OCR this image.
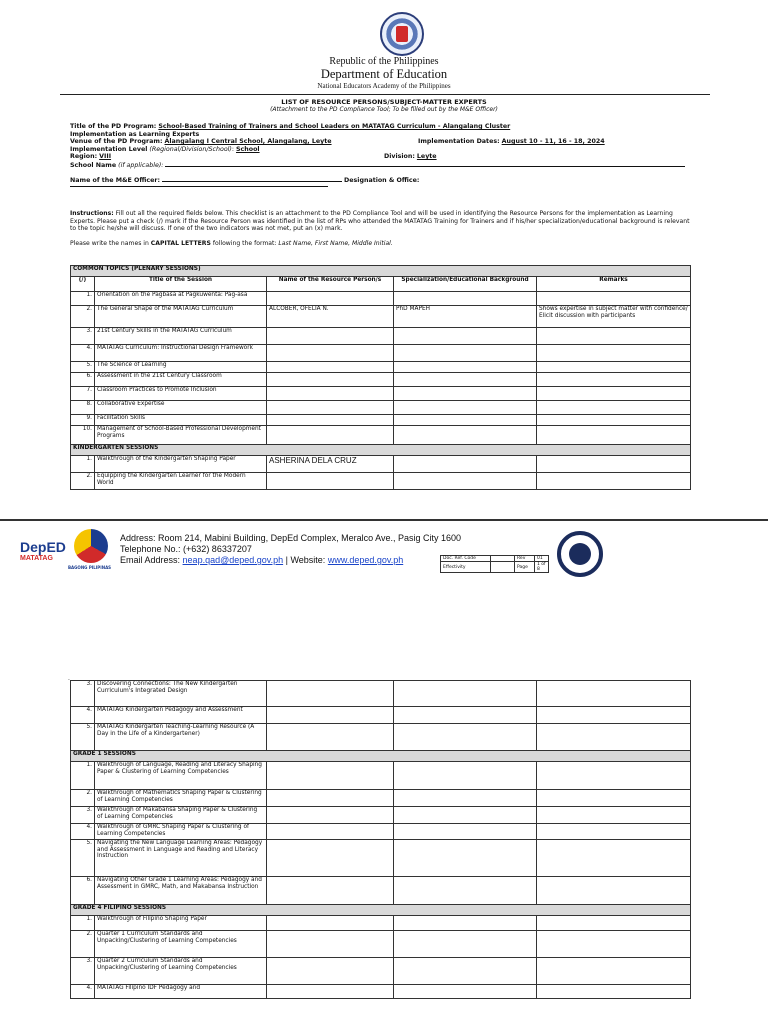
Republic of the Philippines
Department of Education
National Educators Academy of the Philippines
LIST OF RESOURCE PERSONS/SUBJECT-MATTER EXPERTS
(Attachment to the PD Compliance Tool; To be filled out by the M&E Officer)
Title of the PD Program: School-Based Training of Trainers and School Leaders on MATATAG Curriculum - Alangalang Cluster
Implementation as Learning Experts

Venue of the PD Program: Alangalang I Central School, Alangalang, Leyte	Implementation Dates: August 10 - 11, 16 - 18, 2024
Implementation Level (Regional/Division/School): School
Region: VIII	Division: Leyte
School Name (if applicable):
Name of the M&E Officer:	Designation & Office:
Instructions: Fill out all the required fields below. This checklist is an attachment to the PD Compliance Tool and will be used in identifying the Resource Persons for the implementation as Learning Experts. Please put a check (/) mark if the Resource Person was identified in the list of RPs who attended the MATATAG Training for Trainers and if his/her specialization/educational background is relevant to the topic he/she will discuss. If one of the two indicators was not met, put an (x) mark.
Please write the names in CAPITAL LETTERS following the format: Last Name, First Name, Middle Initial.
COMMON TOPICS (PLENARY SESSIONS)				
(/)	Title of the Session	Name of the Resource Person/s	Specialization/Educational Background	Remarks
1.	Orientation on the Pagbasa at Pagkuwenta: Pag-asa			
2.	The General Shape of the MATATAG Curriculum	ALCOBER, OFELIA N.	PhD MAPEH	Shows expertise in subject matter with confidence/ Elicit discussion with participants
3.	21st Century Skills in the MATATAG Curriculum			
4.	MATATAG Curriculum: Instructional Design Framework			
5.	The Science of Learning			
6.	Assessment in the 21st Century Classroom			
7.	Classroom Practices to Promote Inclusion			
8.	Collaborative Expertise			
9.	Facilitation Skills			
10.	Management of School-Based Professional Development Programs			
KINDERGARTEN SESSIONS				
1.	Walkthrough of the Kindergarten Shaping Paper	ASHERINA DELA CRUZ		
2.	Equipping the Kindergarten Learner for the Modern World			
DepED
MATATAG
BAGONG PILIPINAS
Address: Room 214, Mabini Building, DepEd Complex, Meralco Ave., Pasig City 1600
Telephone No.: (+632) 86337207
Email Address: neap.qad@deped.gov.ph | Website: www.deped.gov.ph	Doc. Ref. Code		Rev	01
Effectivity		Page	1 of 8
.
3.	Discovering Connections: The New Kindergarten Curriculum's Integrated Design			
4.	MATATAG Kindergarten Pedagogy and Assessment			
5.	MATATAG Kindergarten Teaching-Learning Resource (A Day in the Life of a Kindergartener)			
GRADE 1 SESSIONS				
1.	Walkthrough of Language, Reading and Literacy Shaping Paper & Clustering of Learning Competencies			
2.	Walkthrough of Mathematics Shaping Paper & Clustering of Learning Competencies			
3.	Walkthrough of Makabansa Shaping Paper & Clustering of Learning Competencies			
4.	Walkthrough of GMRC Shaping Paper & Clustering of Learning Competencies			
5.	Navigating the New Language Learning Areas: Pedagogy and Assessment in Language and Reading and Literacy Instruction			
6.	Navigating Other Grade 1 Learning Areas: Pedagogy and Assessment in GMRC, Math, and Makabansa Instruction			
GRADE 4 FILIPINO SESSIONS				
1.	Walkthrough of Filipino Shaping Paper			
2.	Quarter 1 Curriculum Standards and Unpacking/Clustering of Learning Competencies			
3.	Quarter 2 Curriculum Standards and Unpacking/Clustering of Learning Competencies			
4.	MATATAG Filipino IDF Pedagogy and			
